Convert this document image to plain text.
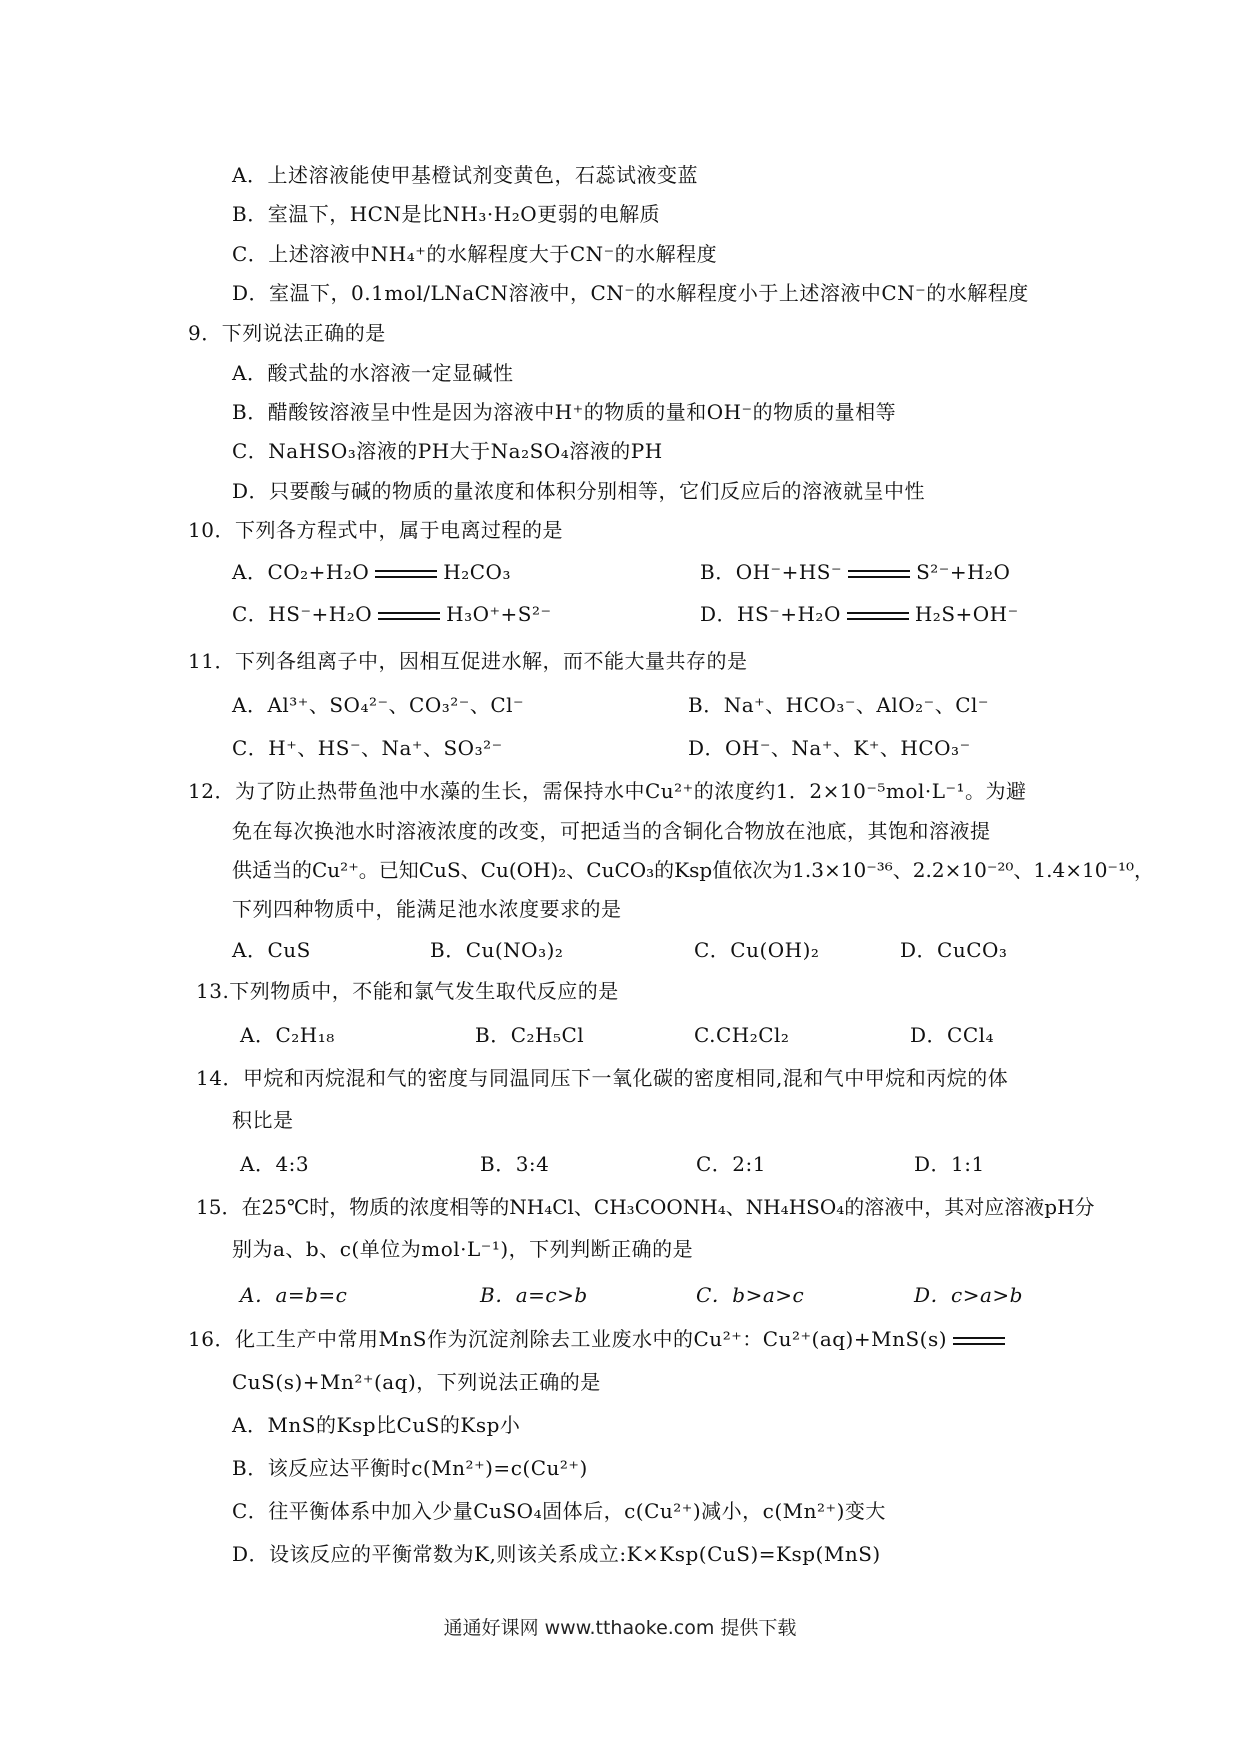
A．上述溶液能使甲基橙试剂变黄色，石蕊试液变蓝
B．室温下，HCN是比NH₃·H₂O更弱的电解质
C．上述溶液中NH₄⁺的水解程度大于CN⁻的水解程度
D．室温下，0.1mol/LNaCN溶液中，CN⁻的水解程度小于上述溶液中CN⁻的水解程度
9．下列说法正确的是
A．酸式盐的水溶液一定显碱性
B．醋酸铵溶液呈中性是因为溶液中H⁺的物质的量和OH⁻的物质的量相等
C．NaHSO₃溶液的PH大于Na₂SO₄溶液的PH
D．只要酸与碱的物质的量浓度和体积分别相等，它们反应后的溶液就呈中性
10．下列各方程式中，属于电离过程的是
A．CO₂+H₂O	H₂CO₃	B．OH⁻+HS⁻	S²⁻+H₂O
C．HS⁻+H₂O	H₃O⁺+S²⁻	D．HS⁻+H₂O	H₂S+OH⁻
11．下列各组离子中，因相互促进水解，而不能大量共存的是
A．Al³⁺、SO₄²⁻、CO₃²⁻、Cl⁻	B．Na⁺、HCO₃⁻、AlO₂⁻、Cl⁻
C．H⁺、HS⁻、Na⁺、SO₃²⁻	D．OH⁻、Na⁺、K⁺、HCO₃⁻
12．为了防止热带鱼池中水藻的生长，需保持水中Cu²⁺的浓度约1．2×10⁻⁵mol·L⁻¹。为避
免在每次换池水时溶液浓度的改变，可把适当的含铜化合物放在池底，其饱和溶液提
供适当的Cu²⁺。已知CuS、Cu(OH)₂、CuCO₃的Ksp值依次为1.3×10⁻³⁶、2.2×10⁻²⁰、1.4×10⁻¹⁰，
下列四种物质中，能满足池水浓度要求的是
A．CuS	B．Cu(NO₃)₂	C．Cu(OH)₂	D．CuCO₃
13.下列物质中，不能和氯气发生取代反应的是
A．C₂H₁₈	B．C₂H₅Cl	C.CH₂Cl₂	D．CCl₄
14．甲烷和丙烷混和气的密度与同温同压下一氧化碳的密度相同,混和气中甲烷和丙烷的体
积比是
A．4:3	B．3:4	C．2:1	D．1:1
15．在25℃时，物质的浓度相等的NH₄Cl、CH₃COONH₄、NH₄HSO₄的溶液中，其对应溶液pH分
别为a、b、c(单位为mol·L⁻¹)，下列判断正确的是
A．a=b=c	B．a=c>b	C．b>a>c	D．c>a>b
16．化工生产中常用MnS作为沉淀剂除去工业废水中的Cu²⁺：Cu²⁺(aq)+MnS(s)
CuS(s)+Mn²⁺(aq)，下列说法正确的是
A．MnS的Ksp比CuS的Ksp小
B．该反应达平衡时c(Mn²⁺)=c(Cu²⁺)
C．往平衡体系中加入少量CuSO₄固体后，c(Cu²⁺)减小，c(Mn²⁺)变大
D．设该反应的平衡常数为K,则该关系成立:K×Ksp(CuS)=Ksp(MnS)
通通好课网 www.tthaoke.com 提供下载
